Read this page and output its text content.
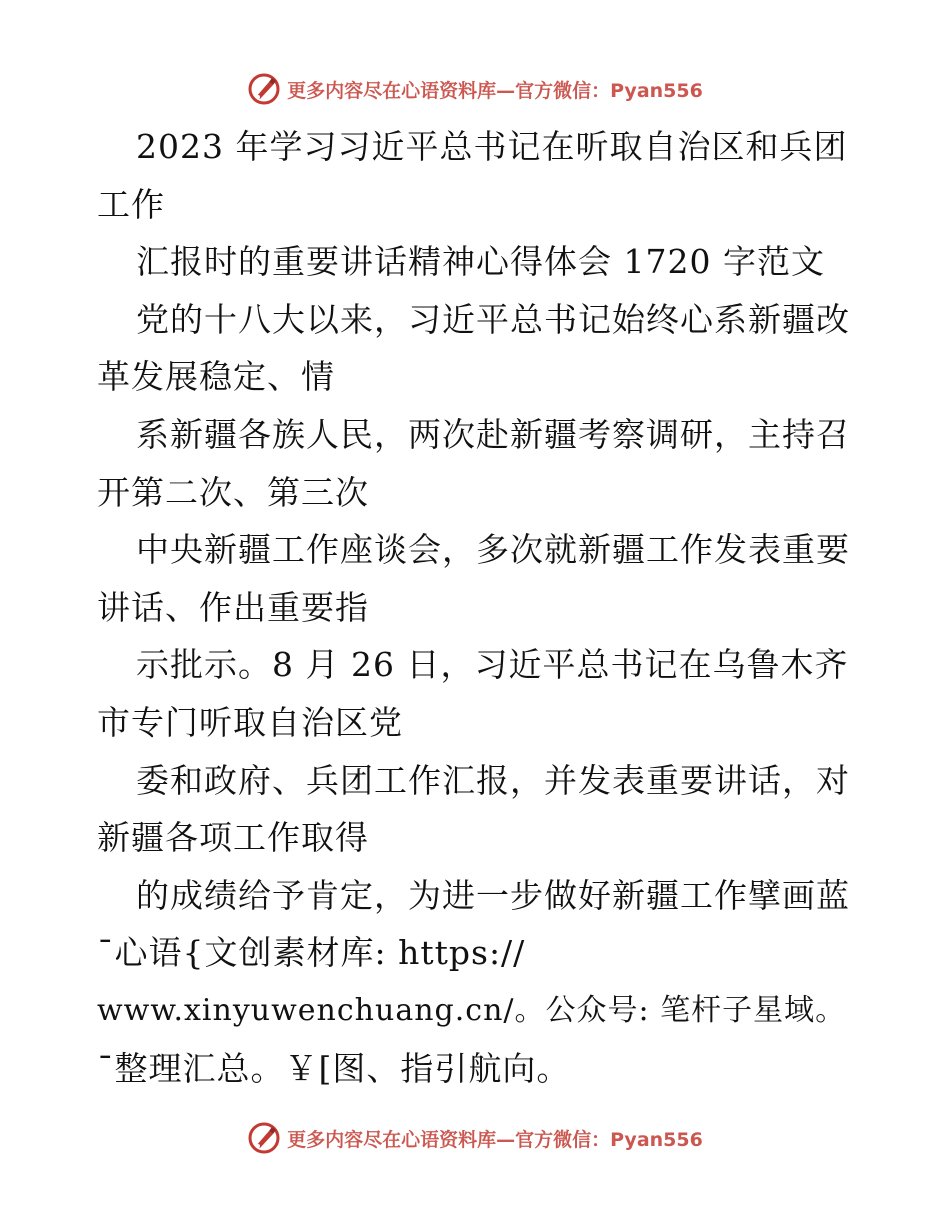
更多内容尽在心语资料库—官方微信：Pyan556
2023 年学习习近平总书记在听取自治区和兵团
工作
汇报时的重要讲话精神心得体会 1720 字范文
党的十八大以来，习近平总书记始终心系新疆改
革发展稳定、情
系新疆各族人民，两次赴新疆考察调研，主持召
开第二次、第三次
中央新疆工作座谈会，多次就新疆工作发表重要
讲话、作出重要指
示批示。8 月 26 日，习近平总书记在乌鲁木齐
市专门听取自治区党
委和政府、兵团工作汇报，并发表重要讲话，对
新疆各项工作取得
的成绩给予肯定，为进一步做好新疆工作擘画蓝
¯心语{文创素材库: https://
www.xinyuwenchuang.cn/。公众号: 笔杆子星域。
¯整理汇总。￥[图、指引航向。
更多内容尽在心语资料库—官方微信：Pyan556
